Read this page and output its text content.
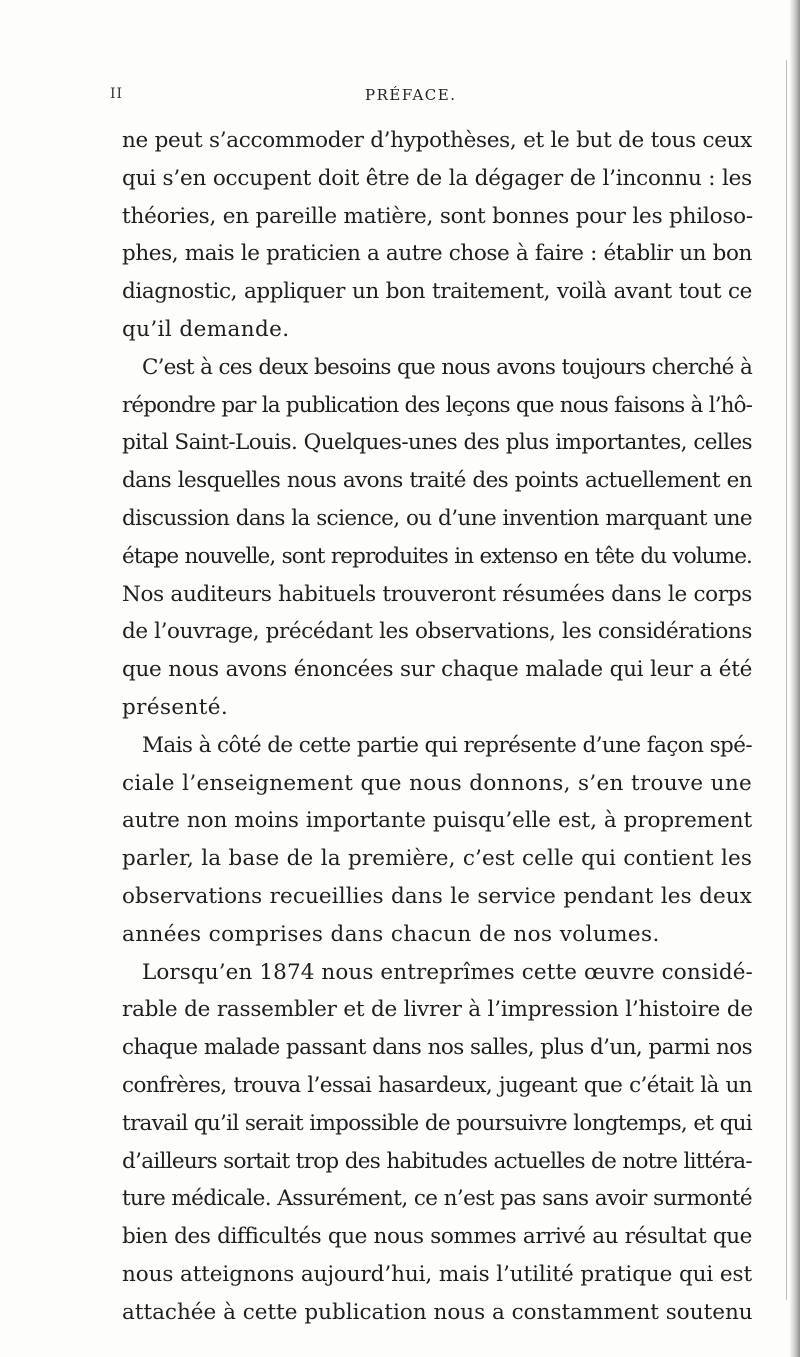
II	PRÉFACE.
ne peut s’accommoder d’hypothèses, et le but de tous ceux
qui s’en occupent doit être de la dégager de l’inconnu : les
théories, en pareille matière, sont bonnes pour les philoso-
phes, mais le praticien a autre chose à faire : établir un bon
diagnostic, appliquer un bon traitement, voilà avant tout ce
qu’il demande.
C’est à ces deux besoins que nous avons toujours cherché à
répondre par la publication des leçons que nous faisons à l’hô-
pital Saint-Louis. Quelques-unes des plus importantes, celles
dans lesquelles nous avons traité des points actuellement en
discussion dans la science, ou d’une invention marquant une
étape nouvelle, sont reproduites in extenso en tête du volume.
Nos auditeurs habituels trouveront résumées dans le corps
de l’ouvrage, précédant les observations, les considérations
que nous avons énoncées sur chaque malade qui leur a été
présenté.
Mais à côté de cette partie qui représente d’une façon spé-
ciale l’enseignement que nous donnons, s’en trouve une
autre non moins importante puisqu’elle est, à proprement
parler, la base de la première, c’est celle qui contient les
observations recueillies dans le service pendant les deux
années comprises dans chacun de nos volumes.
Lorsqu’en 1874 nous entreprîmes cette œuvre considé-
rable de rassembler et de livrer à l’impression l’histoire de
chaque malade passant dans nos salles, plus d’un, parmi nos
confrères, trouva l’essai hasardeux, jugeant que c’était là un
travail qu’il serait impossible de poursuivre longtemps, et qui
d’ailleurs sortait trop des habitudes actuelles de notre littéra-
ture médicale. Assurément, ce n’est pas sans avoir surmonté
bien des difficultés que nous sommes arrivé au résultat que
nous atteignons aujourd’hui, mais l’utilité pratique qui est
attachée à cette publication nous a constamment soutenu
